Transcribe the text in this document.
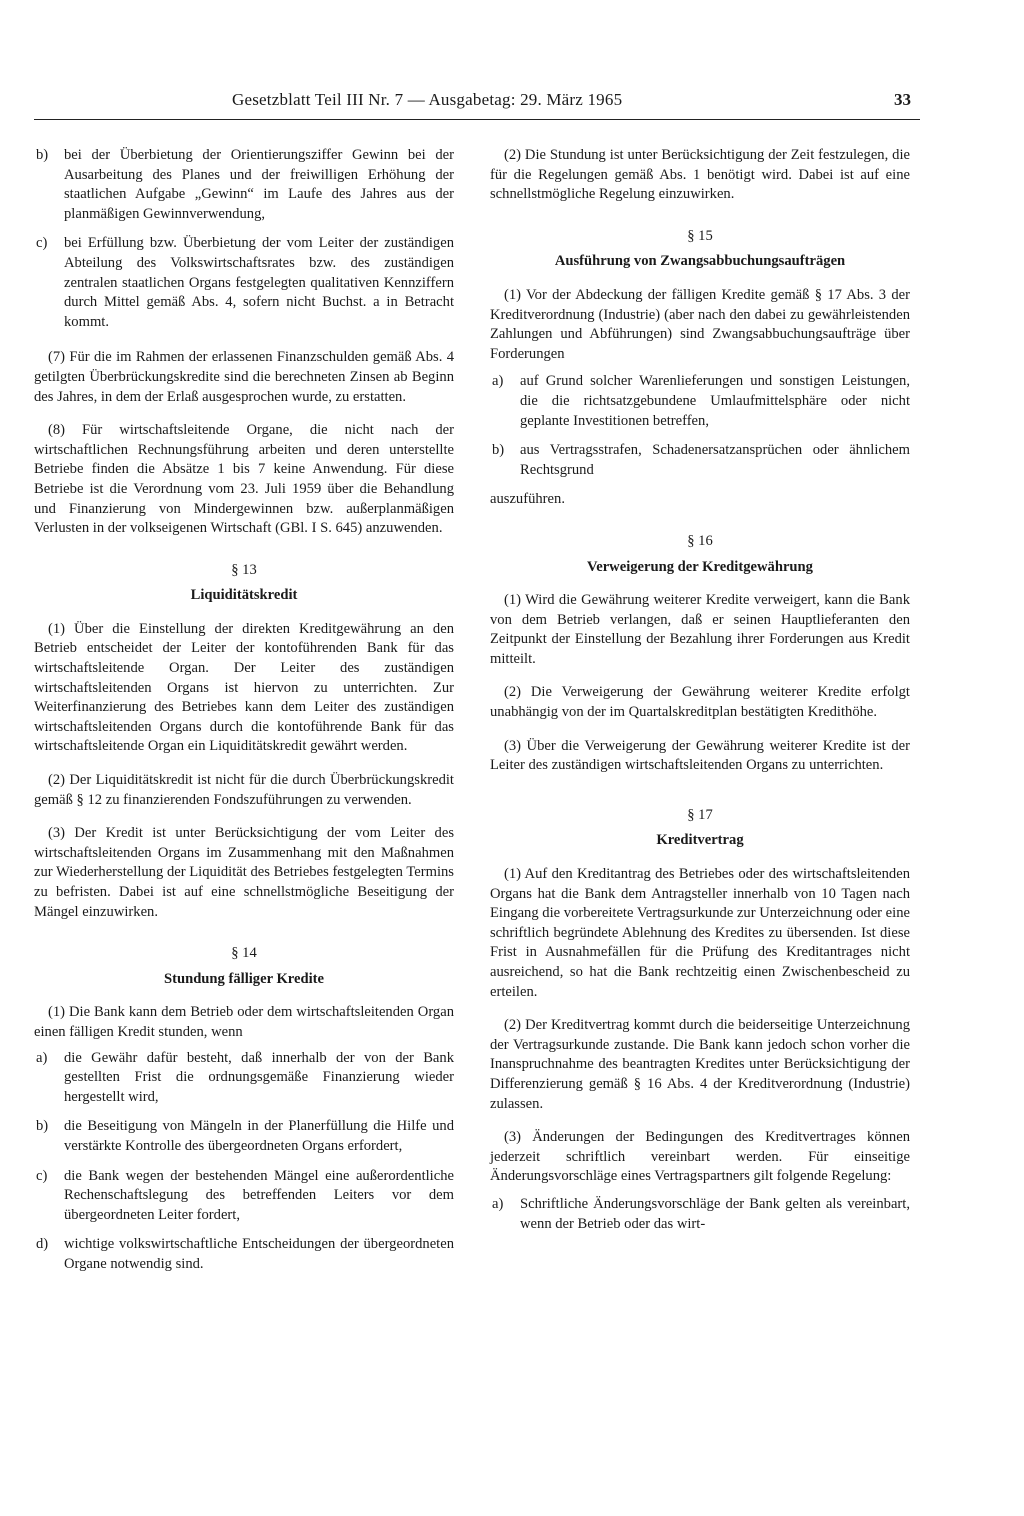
Gesetzblatt Teil III Nr. 7 — Ausgabetag: 29. März 1965	33
b) bei der Überbietung der Orientierungsziffer Gewinn bei der Ausarbeitung des Planes und der freiwilligen Erhöhung der staatlichen Aufgabe „Gewinn“ im Laufe des Jahres aus der planmäßigen Gewinnverwendung,
c) bei Erfüllung bzw. Überbietung der vom Leiter der zuständigen Abteilung des Volkswirtschaftsrates bzw. des zuständigen zentralen staatlichen Organs festgelegten qualitativen Kennziffern durch Mittel gemäß Abs. 4, sofern nicht Buchst. a in Betracht kommt.

(7) Für die im Rahmen der erlassenen Finanzschulden gemäß Abs. 4 getilgten Überbrückungskredite sind die berechneten Zinsen ab Beginn des Jahres, in dem der Erlaß ausgesprochen wurde, zu erstatten.

(8) Für wirtschaftsleitende Organe, die nicht nach der wirtschaftlichen Rechnungsführung arbeiten und deren unterstellte Betriebe finden die Absätze 1 bis 7 keine Anwendung. Für diese Betriebe ist die Verordnung vom 23. Juli 1959 über die Behandlung und Finanzierung von Mindergewinnen bzw. außerplanmäßigen Verlusten in der volkseigenen Wirtschaft (GBl. I S. 645) anzuwenden.

§ 13
Liquiditätskredit

(1) Über die Einstellung der direkten Kreditgewährung an den Betrieb entscheidet der Leiter der kontoführenden Bank für das wirtschaftsleitende Organ. Der Leiter des zuständigen wirtschaftsleitenden Organs ist hiervon zu unterrichten. Zur Weiterfinanzierung des Betriebes kann dem Leiter des zuständigen wirtschaftsleitenden Organs durch die kontoführende Bank für das wirtschaftsleitende Organ ein Liquiditätskredit gewährt werden.

(2) Der Liquiditätskredit ist nicht für die durch Überbrückungskredit gemäß § 12 zu finanzierenden Fondszuführungen zu verwenden.

(3) Der Kredit ist unter Berücksichtigung der vom Leiter des wirtschaftsleitenden Organs im Zusammenhang mit den Maßnahmen zur Wiederherstellung der Liquidität des Betriebes festgelegten Termins zu befristen. Dabei ist auf eine schnellstmögliche Beseitigung der Mängel einzuwirken.

§ 14
Stundung fälliger Kredite

(1) Die Bank kann dem Betrieb oder dem wirtschaftsleitenden Organ einen fälligen Kredit stunden, wenn

a) die Gewähr dafür besteht, daß innerhalb der von der Bank gestellten Frist die ordnungsgemäße Finanzierung wieder hergestellt wird,
b) die Beseitigung von Mängeln in der Planerfüllung die Hilfe und verstärkte Kontrolle des übergeordneten Organs erfordert,
c) die Bank wegen der bestehenden Mängel eine außerordentliche Rechenschaftslegung des betreffenden Leiters vor dem übergeordneten Leiter fordert,
d) wichtige volkswirtschaftliche Entscheidungen der übergeordneten Organe notwendig sind.

(2) Die Stundung ist unter Berücksichtigung der Zeit festzulegen, die für die Regelungen gemäß Abs. 1 benötigt wird. Dabei ist auf eine schnellstmögliche Regelung einzuwirken.

§ 15
Ausführung von Zwangsabbuchungsaufträgen

(1) Vor der Abdeckung der fälligen Kredite gemäß § 17 Abs. 3 der Kreditverordnung (Industrie) (aber nach den dabei zu gewährleistenden Zahlungen und Abführungen) sind Zwangsabbuchungsaufträge über Forderungen

a) auf Grund solcher Warenlieferungen und sonstigen Leistungen, die die richtsatzgebundene Umlaufmittelsphäre oder nicht geplante Investitionen betreffen,
b) aus Vertragsstrafen, Schadenersatzansprüchen oder ähnlichem Rechtsgrund

auszuführen.

§ 16
Verweigerung der Kreditgewährung

(1) Wird die Gewährung weiterer Kredite verweigert, kann die Bank von dem Betrieb verlangen, daß er seinen Hauptlieferanten den Zeitpunkt der Einstellung der Bezahlung ihrer Forderungen aus Kredit mitteilt.

(2) Die Verweigerung der Gewährung weiterer Kredite erfolgt unabhängig von der im Quartalskreditplan bestätigten Kredithöhe.

(3) Über die Verweigerung der Gewährung weiterer Kredite ist der Leiter des zuständigen wirtschaftsleitenden Organs zu unterrichten.

§ 17
Kreditvertrag

(1) Auf den Kreditantrag des Betriebes oder des wirtschaftsleitenden Organs hat die Bank dem Antragsteller innerhalb von 10 Tagen nach Eingang die vorbereitete Vertragsurkunde zur Unterzeichnung oder eine schriftlich begründete Ablehnung des Kredites zu übersenden. Ist diese Frist in Ausnahmefällen für die Prüfung des Kreditantrages nicht ausreichend, so hat die Bank rechtzeitig einen Zwischenbescheid zu erteilen.

(2) Der Kreditvertrag kommt durch die beiderseitige Unterzeichnung der Vertragsurkunde zustande. Die Bank kann jedoch schon vorher die Inanspruchnahme des beantragten Kredites unter Berücksichtigung der Differenzierung gemäß § 16 Abs. 4 der Kreditverordnung (Industrie) zulassen.

(3) Änderungen der Bedingungen des Kreditvertrages können jederzeit schriftlich vereinbart werden. Für einseitige Änderungsvorschläge eines Vertragspartners gilt folgende Regelung:

a) Schriftliche Änderungsvorschläge der Bank gelten als vereinbart, wenn der Betrieb oder das wirt-
